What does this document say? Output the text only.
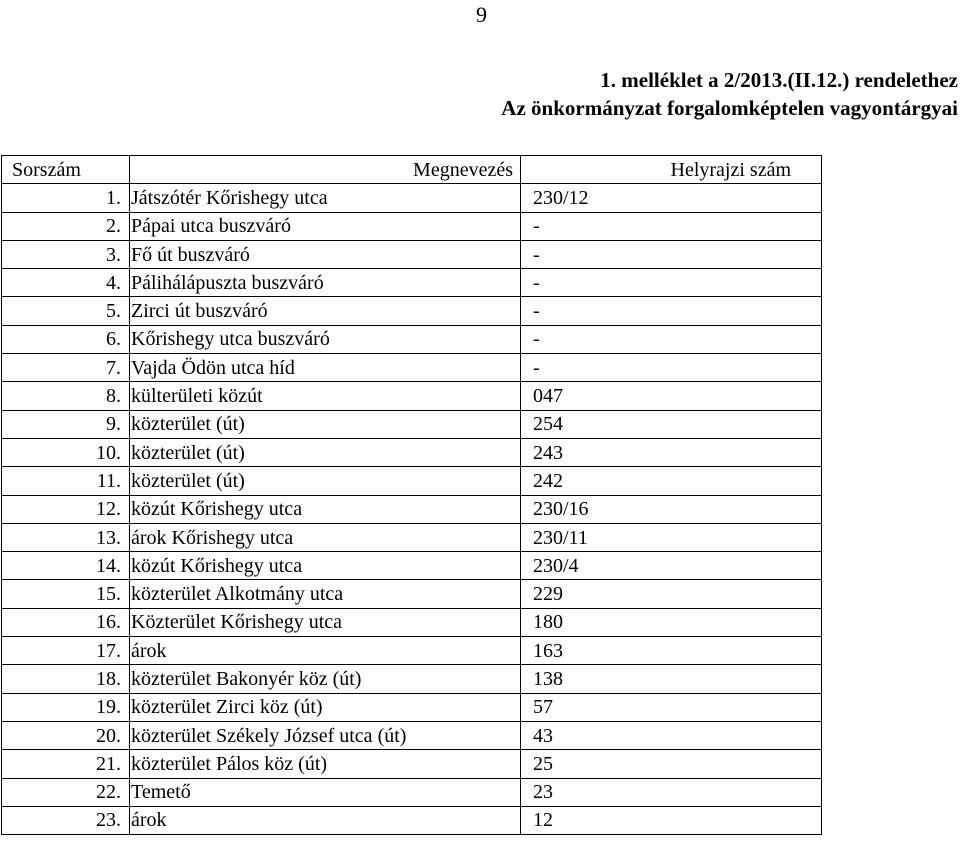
9
1. melléklet a 2/2013.(II.12.) rendelethez
Az önkormányzat forgalomképtelen vagyontárgyai
Sorszám	Megnevezés	Helyrajzi szám
1.	Játszótér Kőrishegy utca	230/12
2.	Pápai utca buszváró	-
3.	Fő út buszváró	-
4.	Pálihálápuszta buszváró	-
5.	Zirci út buszváró	-
6.	Kőrishegy utca buszváró	-
7.	Vajda Ödön utca híd	-
8.	külterületi közút	047
9.	közterület (út)	254
10.	közterület (út)	243
11.	közterület (út)	242
12.	közút Kőrishegy utca	230/16
13.	árok Kőrishegy utca	230/11
14.	közút Kőrishegy utca	230/4
15.	közterület Alkotmány utca	229
16.	Közterület Kőrishegy utca	180
17.	árok	163
18.	közterület Bakonyér köz (út)	138
19.	közterület Zirci köz (út)	57
20.	közterület Székely József utca (út)	43
21.	közterület Pálos köz (út)	25
22.	Temető	23
23.	árok	12
